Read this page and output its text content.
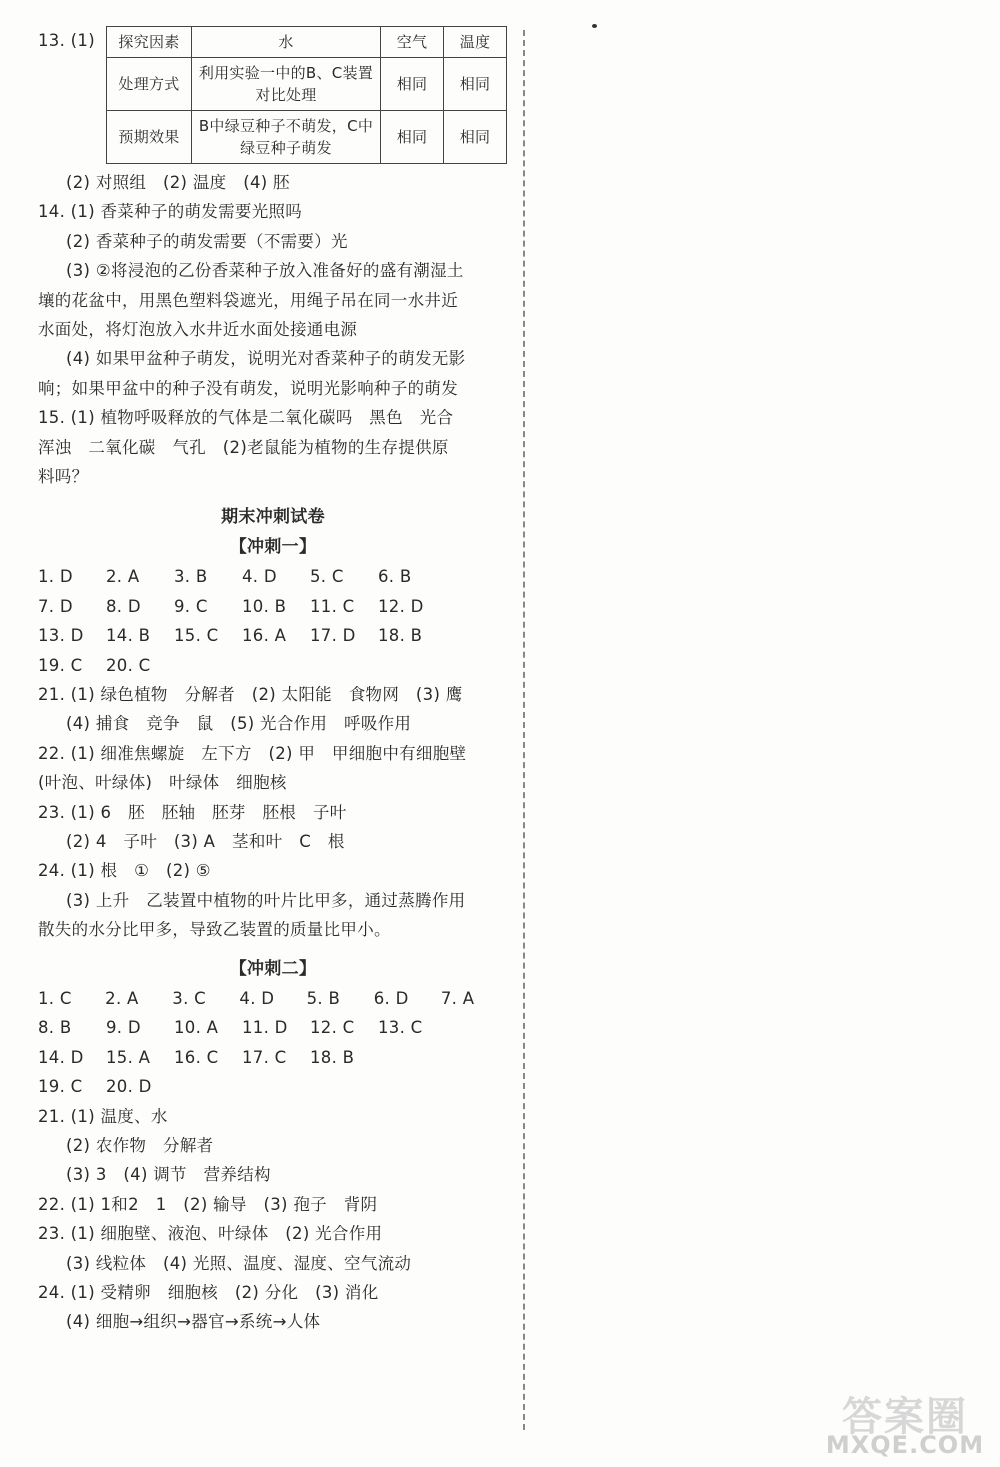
13. (1)	探究因素	水	空气	温度
处理方式	利用实验一中的B、C装置对比处理	相同	相同
预期效果	B中绿豆种子不萌发，C中绿豆种子萌发	相同	相同
(2) 对照组　(2) 温度　(4) 胚
14. (1) 香菜种子的萌发需要光照吗
(2) 香菜种子的萌发需要（不需要）光
(3) ②将浸泡的乙份香菜种子放入准备好的盛有潮湿土
壤的花盆中，用黑色塑料袋遮光，用绳子吊在同一水井近
水面处，将灯泡放入水井近水面处接通电源
(4) 如果甲盆种子萌发，说明光对香菜种子的萌发无影
响；如果甲盆中的种子没有萌发，说明光影响种子的萌发
15. (1) 植物呼吸释放的气体是二氧化碳吗　黑色　光合
浑浊　二氧化碳　气孔　(2)老鼠能为植物的生存提供原
料吗？
期末冲刺试卷
【冲刺一】
1. D	2. A	3. B	4. D	5. C	6. B
7. D	8. D	9. C	10. B	11. C	12. D
13. D	14. B	15. C	16. A	17. D	18. B
19. C	20. C
21. (1) 绿色植物　分解者　(2) 太阳能　食物网　(3) 鹰
(4) 捕食　竞争　鼠　(5) 光合作用　呼吸作用
22. (1) 细准焦螺旋　左下方　(2) 甲　甲细胞中有细胞壁
(叶泡、叶绿体)　叶绿体　细胞核
23. (1) 6　胚　胚轴　胚芽　胚根　子叶
(2) 4　子叶　(3) A　茎和叶　C　根
24. (1) 根　①　(2) ⑤
(3) 上升　乙装置中植物的叶片比甲多，通过蒸腾作用
散失的水分比甲多，导致乙装置的质量比甲小。
【冲刺二】
1. C	2. A	3. C	4. D	5. B	6. D	7. A
8. B	9. D	10. A	11. D	12. C	13. C
14. D	15. A	16. C	17. C	18. B
19. C	20. D
21. (1) 温度、水
(2) 农作物　分解者
(3) 3　(4) 调节　营养结构
22. (1) 1和2　1　(2) 输导　(3) 孢子　背阴
23. (1) 细胞壁、液泡、叶绿体　(2) 光合作用
(3) 线粒体　(4) 光照、温度、湿度、空气流动
24. (1) 受精卵　细胞核　(2) 分化　(3) 消化
(4) 细胞→组织→器官→系统→人体
答案圈
MXQE.COM
